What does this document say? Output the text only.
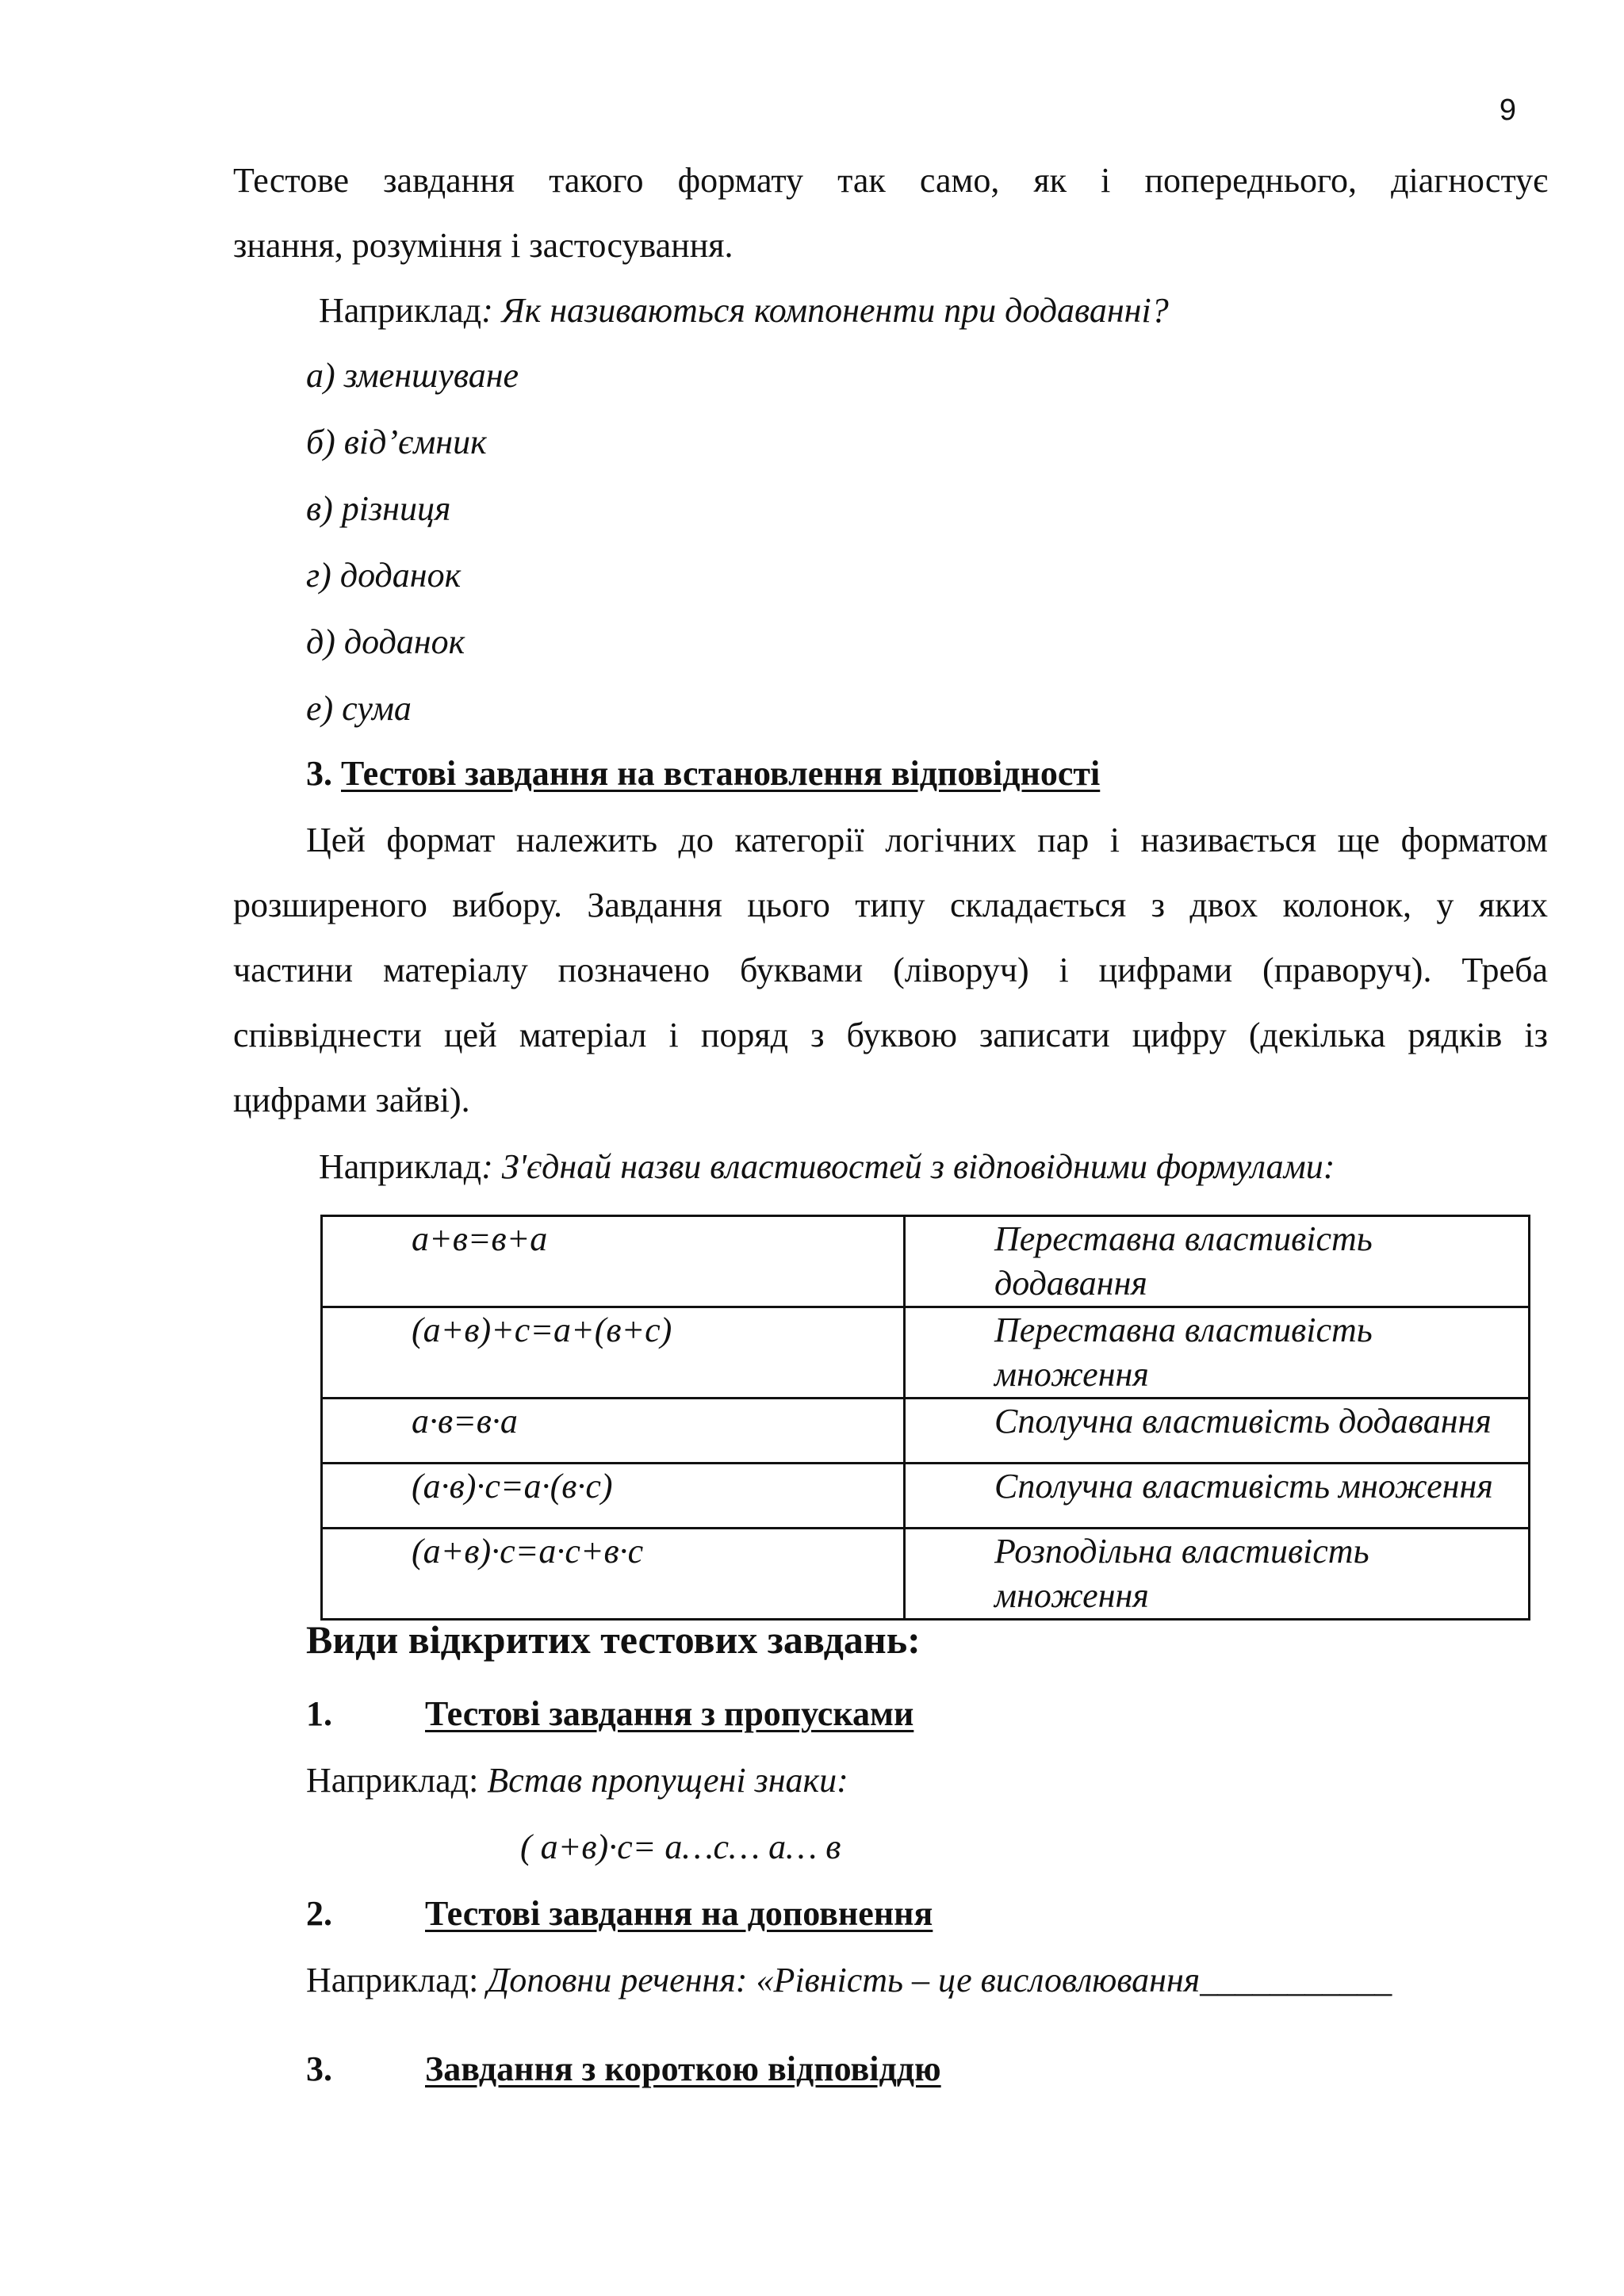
9
Тестове завдання такого формату так само, як і попереднього, діагностує
знання, розуміння і застосування.
Наприклад: Як називаються компоненти при додаванні?
а) зменшуване
б) від’ємник
в) різниця
г) доданок
д) доданок
е) сума
3. Тестові завдання на встановлення відповідності
Цей формат належить до категорії логічних пар і називається ще форматом
розширеного вибору. Завдання цього типу складається з двох колонок, у яких
частини матеріалу позначено буквами (ліворуч) і цифрами (праворуч). Треба
співвіднести цей матеріал і поряд з буквою записати цифру (декілька рядків із
цифрами зайві).
Наприклад: З'єднай назви властивостей з відповідними формулами:
а+в=в+а	Переставна властивість додавання
(а+в)+с=а+(в+с)	Переставна властивість множення
а·в=в·а	Сполучна властивість додавання
(а·в)·с=а·(в·с)	Сполучна властивість множення
(а+в)·с=а·с+в·с	Розподільна властивість множення
Види відкритих тестових завдань:
1.	Тестові завдання з пропусками
Наприклад: Встав пропущені знаки:
( а+в)·с= а…с… а… в
2.	Тестові завдання на доповнення
Наприклад: Доповни речення: «Рівність – це висловлювання___________
3.	Завдання з короткою відповіддю
